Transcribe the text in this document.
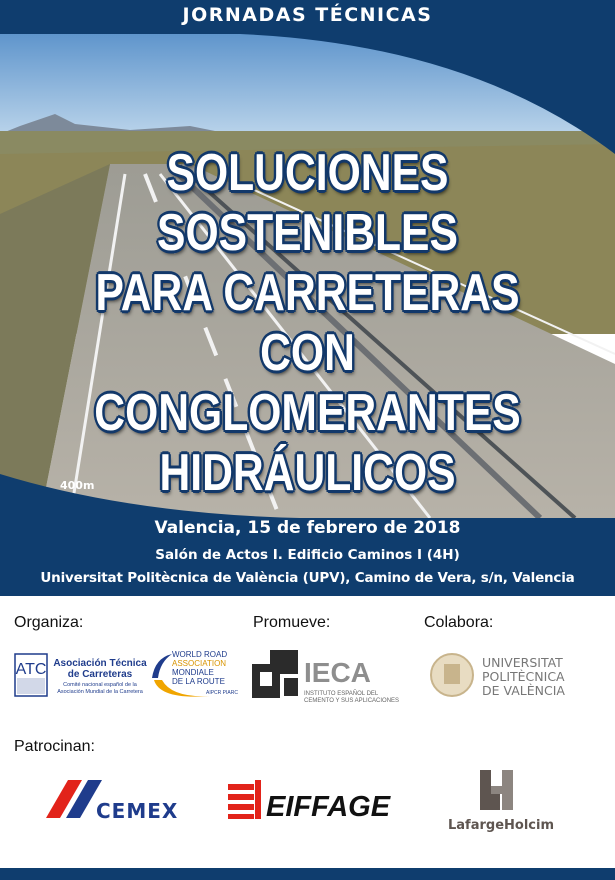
JORNADAS TÉCNICAS
400m
SOLUCIONES SOSTENIBLES
PARA CARRETERAS CON
CONGLOMERANTES
HIDRÁULICOS
Valencia, 15 de febrero de 2018
Salón de Actos I. Edificio Caminos I (4H)
Universitat Politècnica de València (UPV), Camino de Vera, s/n, Valencia
Organiza:	Promueve:	Colabora:
Patrocinan:
ATC Asociación Técnica
de Carreteras
Comité nacional español de la
Asociación Mundial de la Carretera
WORLD ROAD
ASSOCIATION
MONDIALE
DE LA ROUTE
AIPCR PIARC
IECA
INSTITUTO ESPAÑOL DEL CEMENTO Y SUS APLICACIONES
UNIVERSITAT
POLITÈCNICA
DE VALÈNCIA
CEMEX	EIFFAGE
LafargeHolcim
